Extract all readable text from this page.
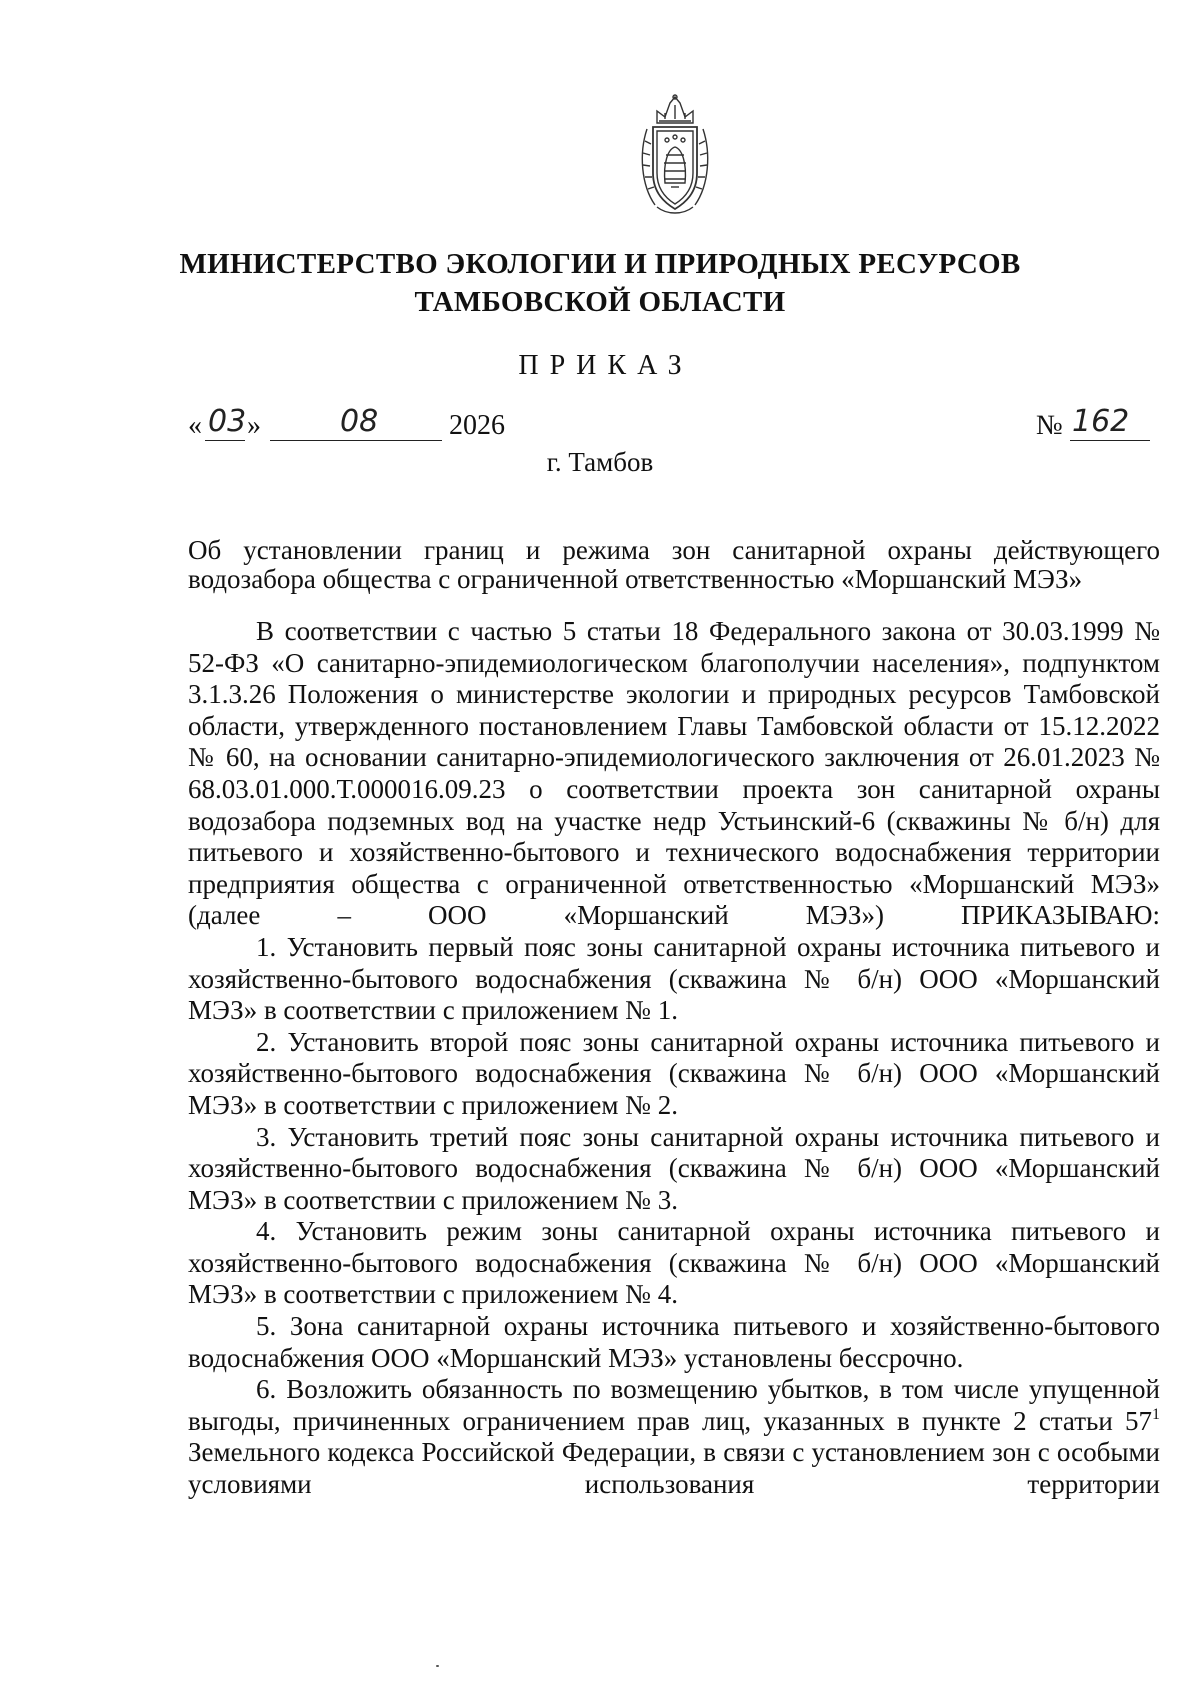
МИНИСТЕРСТВО ЭКОЛОГИИ И ПРИРОДНЫХ РЕСУРСОВ
ТАМБОВСКОЙ ОБЛАСТИ
ПРИКАЗ
« 03 »	08	2026	№ 162
г. Тамбов
Об установлении границ и режима зон санитарной охраны действующего водозабора общества с ограниченной ответственностью «Моршанский МЭЗ»

В соответствии с частью 5 статьи 18 Федерального закона от 30.03.1999 № 52-ФЗ «О санитарно-эпидемиологическом благополучии населения», подпунктом 3.1.3.26 Положения о министерстве экологии и природных ресурсов Тамбовской области, утвержденного постановлением Главы Тамбовской области от 15.12.2022 № 60, на основании санитарно-эпидемиологического заключения от 26.01.2023 № 68.03.01.000.Т.000016.09.23 о соответствии проекта зон санитарной охраны водозабора подземных вод на участке недр Устьинский-6 (скважины № б/н) для питьевого и хозяйственно-бытового и технического водоснабжения территории предприятия общества с ограниченной ответственностью «Моршанский МЭЗ» (далее – ООО «Моршанский МЭЗ») ПРИКАЗЫВАЮ:

1. Установить первый пояс зоны санитарной охраны источника питьевого и хозяйственно-бытового водоснабжения (скважина № б/н) ООО «Моршанский МЭЗ» в соответствии с приложением № 1.

2. Установить второй пояс зоны санитарной охраны источника питьевого и хозяйственно-бытового водоснабжения (скважина № б/н) ООО «Моршанский МЭЗ» в соответствии с приложением № 2.

3. Установить третий пояс зоны санитарной охраны источника питьевого и хозяйственно-бытового водоснабжения (скважина № б/н) ООО «Моршанский МЭЗ» в соответствии с приложением № 3.

4. Установить режим зоны санитарной охраны источника питьевого и хозяйственно-бытового водоснабжения (скважина № б/н) ООО «Моршанский МЭЗ» в соответствии с приложением № 4.

5. Зона санитарной охраны источника питьевого и хозяйственно-бытового водоснабжения ООО «Моршанский МЭЗ» установлены бессрочно.

6. Возложить обязанность по возмещению убытков, в том числе упущенной выгоды, причиненных ограничением прав лиц, указанных в пункте 2 статьи $57^1$ Земельного кодекса Российской Федерации, в связи с установлением зон с особыми условиями использования территории
